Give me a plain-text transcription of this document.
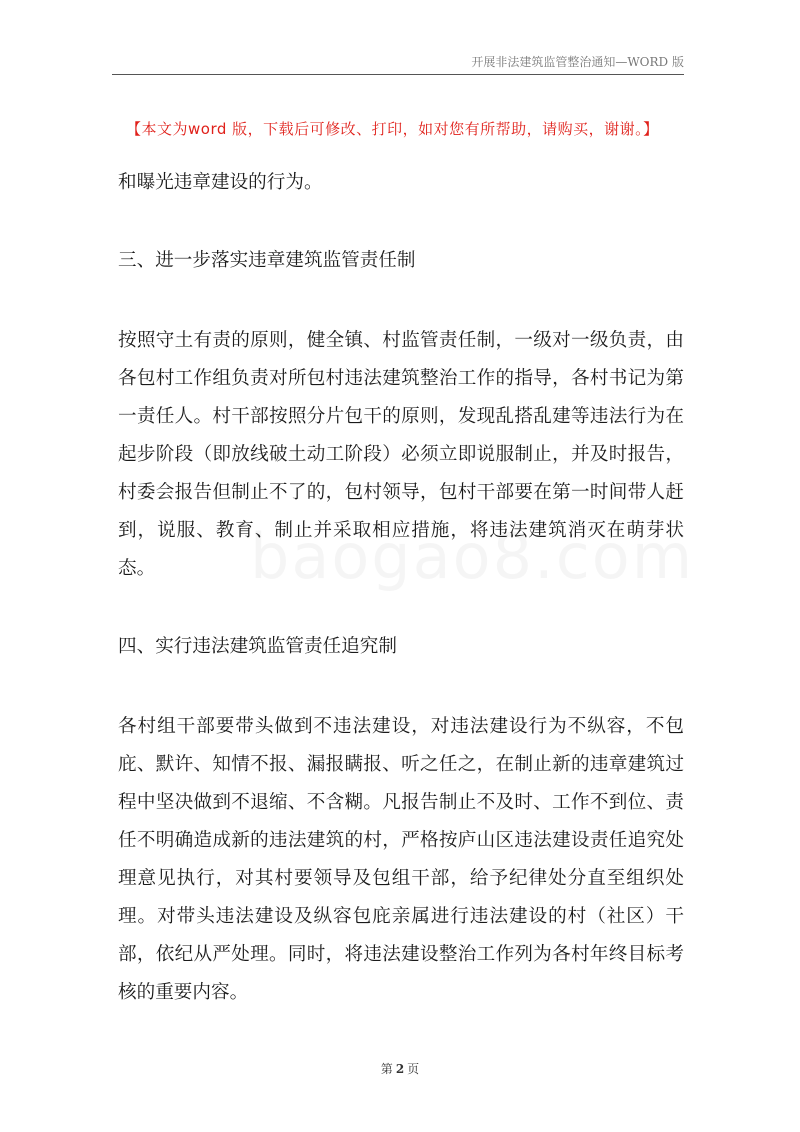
开展非法建筑监管整治通知—WORD 版
【本文为word 版，下载后可修改、打印，如对您有所帮助，请购买，谢谢。】

和曝光违章建设的行为。

三、进一步落实违章建筑监管责任制

按照守土有责的原则，健全镇、村监管责任制，一级对一级负责，由各包村工作组负责对所包村违法建筑整治工作的指导，各村书记为第一责任人。村干部按照分片包干的原则，发现乱搭乱建等违法行为在起步阶段（即放线破土动工阶段）必须立即说服制止，并及时报告，村委会报告但制止不了的，包村领导，包村干部要在第一时间带人赶到，说服、教育、制止并采取相应措施，将违法建筑消灭在萌芽状态。

四、实行违法建筑监管责任追究制

各村组干部要带头做到不违法建设，对违法建设行为不纵容，不包庇、默许、知情不报、漏报瞒报、听之任之，在制止新的违章建筑过程中坚决做到不退缩、不含糊。凡报告制止不及时、工作不到位、责任不明确造成新的违法建筑的村，严格按庐山区违法建设责任追究处理意见执行，对其村要领导及包组干部，给予纪律处分直至组织处理。对带头违法建设及纵容包庇亲属进行违法建设的村（社区）干部，依纪从严处理。同时，将违法建设整治工作列为各村年终目标考核的重要内容。

第 2 页
